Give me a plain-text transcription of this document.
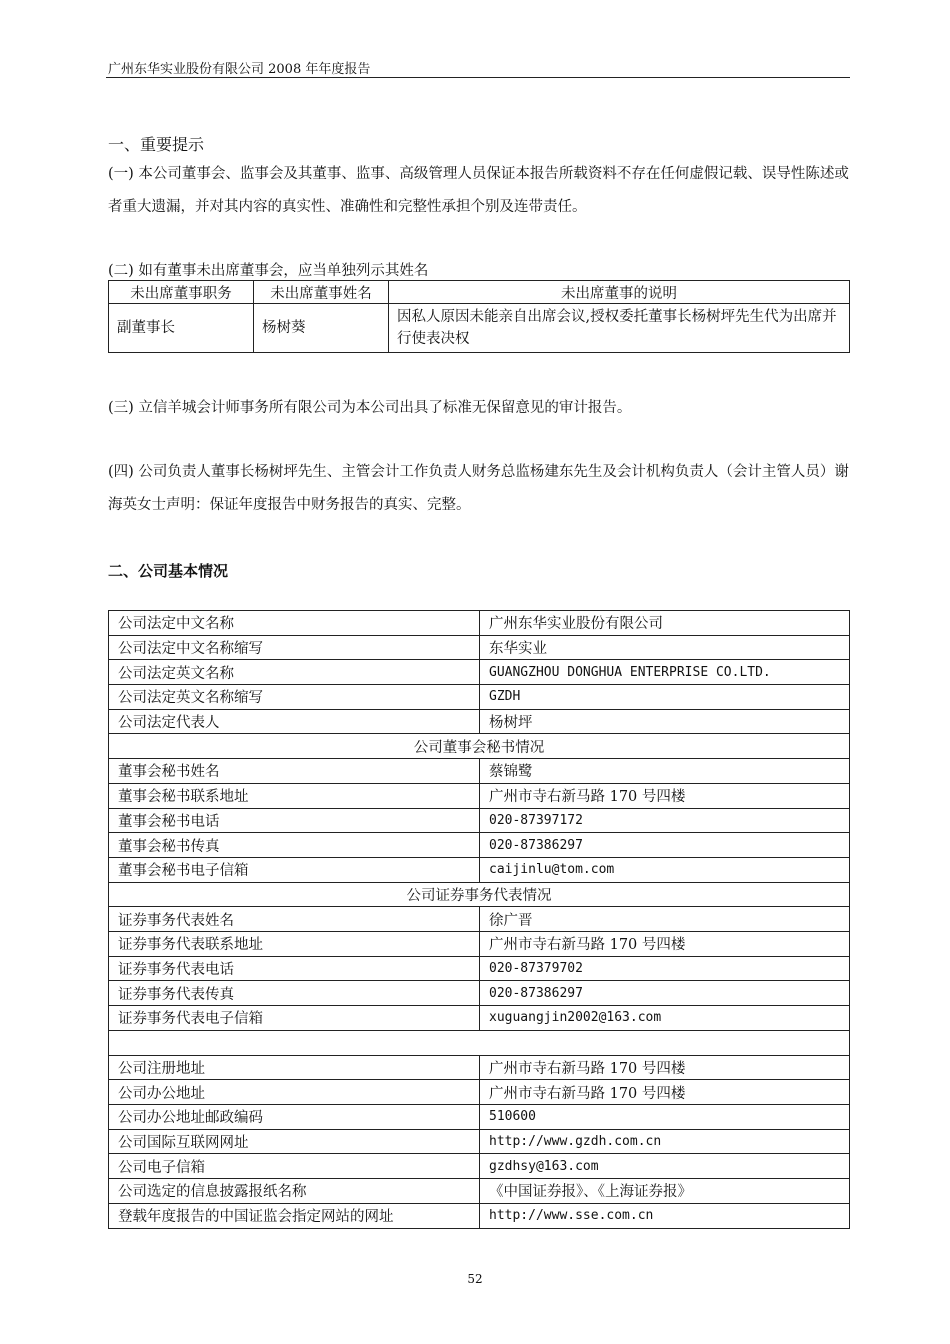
广州东华实业股份有限公司 2008 年年度报告
一、重要提示
(一) 本公司董事会、监事会及其董事、监事、高级管理人员保证本报告所载资料不存在任何虚假记载、误导性陈述或者重大遗漏，并对其内容的真实性、准确性和完整性承担个别及连带责任。
(二) 如有董事未出席董事会，应当单独列示其姓名
未出席董事职务	未出席董事姓名	未出席董事的说明
副董事长	杨树葵	因私人原因未能亲自出席会议,授权委托董事长杨树坪先生代为出席并行使表决权
(三) 立信羊城会计师事务所有限公司为本公司出具了标准无保留意见的审计报告。
(四) 公司负责人董事长杨树坪先生、主管会计工作负责人财务总监杨建东先生及会计机构负责人（会计主管人员）谢海英女士声明：保证年度报告中财务报告的真实、完整。
二、公司基本情况
公司法定中文名称	广州东华实业股份有限公司
公司法定中文名称缩写	东华实业
公司法定英文名称	GUANGZHOU DONGHUA ENTERPRISE CO.LTD.
公司法定英文名称缩写	GZDH
公司法定代表人	杨树坪
公司董事会秘书情况	
董事会秘书姓名	蔡锦鹭
董事会秘书联系地址	广州市寺右新马路 170 号四楼
董事会秘书电话	020-87397172
董事会秘书传真	020-87386297
董事会秘书电子信箱	caijinlu@tom.com
公司证券事务代表情况	
证券事务代表姓名	徐广晋
证券事务代表联系地址	广州市寺右新马路 170 号四楼
证券事务代表电话	020-87379702
证券事务代表传真	020-87386297
证券事务代表电子信箱	xuguangjin2002@163.com

公司注册地址	广州市寺右新马路 170 号四楼
公司办公地址	广州市寺右新马路 170 号四楼
公司办公地址邮政编码	510600
公司国际互联网网址	http://www.gzdh.com.cn
公司电子信箱	gzdhsy@163.com
公司选定的信息披露报纸名称	《中国证券报》、《上海证券报》
登载年度报告的中国证监会指定网站的网址	http://www.sse.com.cn
52
